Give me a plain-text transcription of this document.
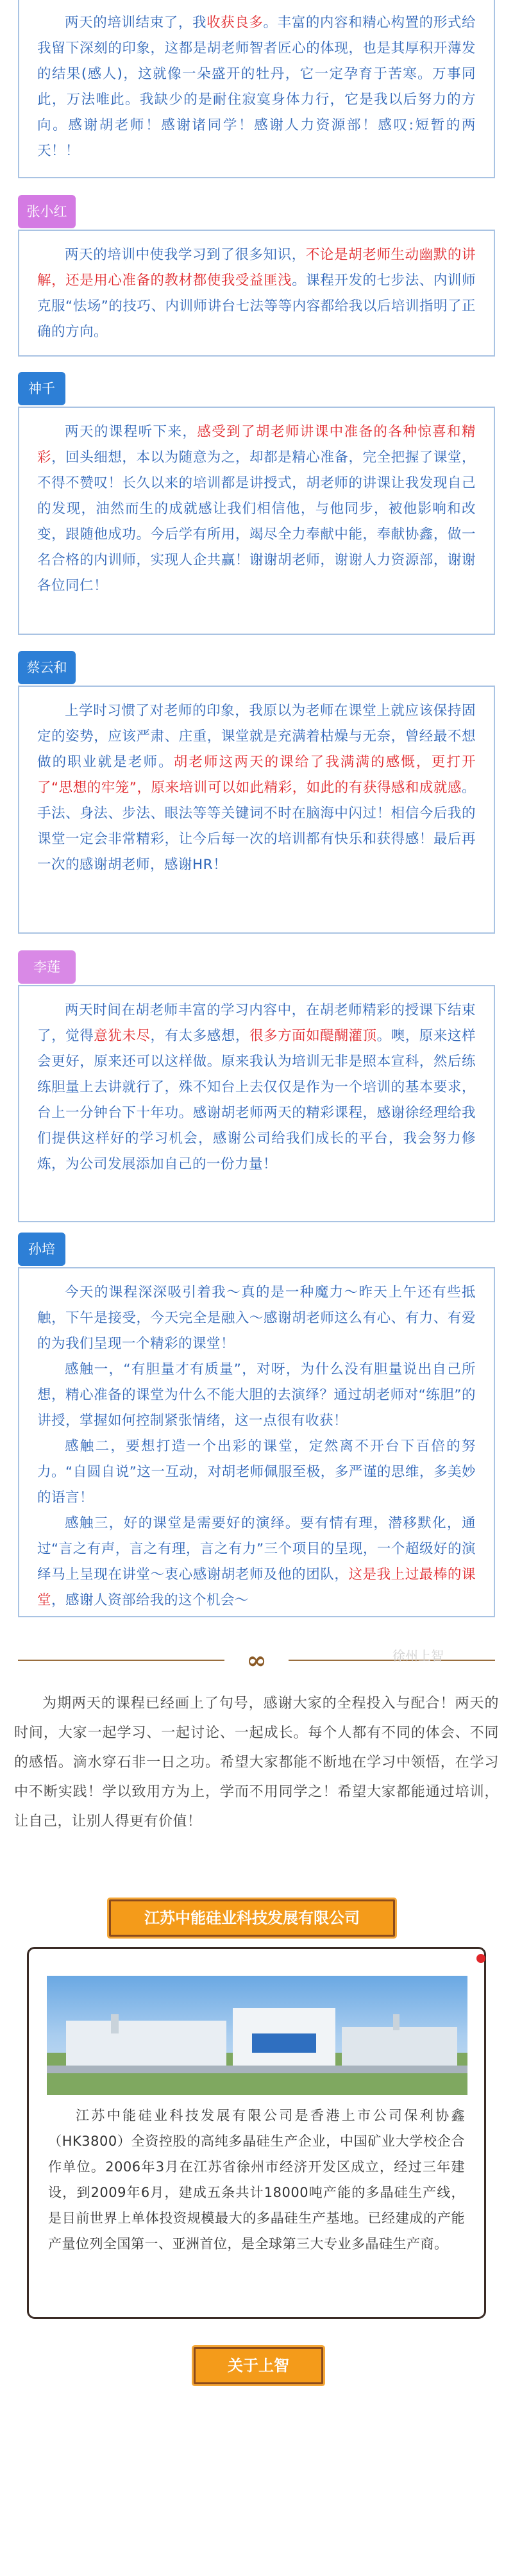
两天的培训结束了，我收获良多。丰富的内容和精心构置的形式给我留下深刻的印象，这都是胡老师智者匠心的体现，也是其厚积开薄发的结果(感人)，这就像一朵盛开的牡丹，它一定孕育于苦寒。万事同此，万法唯此。我缺少的是耐住寂寞身体力行，它是我以后努力的方向。感谢胡老师！感谢诸同学！感谢人力资源部！感叹:短暂的两天！！
张小红
两天的培训中使我学习到了很多知识，不论是胡老师生动幽默的讲解，还是用心准备的教材都使我受益匪浅。课程开发的七步法、内训师克服“怯场”的技巧、内训师讲台七法等等内容都给我以后培训指明了正确的方向。
神千
两天的课程听下来，感受到了胡老师讲课中准备的各种惊喜和精彩，回头细想，本以为随意为之，却都是精心准备，完全把握了课堂，不得不赞叹！长久以来的培训都是讲授式，胡老师的讲课让我发现自己的发现，油然而生的成就感让我们相信他，与他同步，被他影响和改变，跟随他成功。今后学有所用，竭尽全力奉献中能，奉献协鑫，做一名合格的内训师，实现人企共赢！谢谢胡老师，谢谢人力资源部，谢谢各位同仁！
蔡云和
上学时习惯了对老师的印象，我原以为老师在课堂上就应该保持固定的姿势，应该严肃、庄重，课堂就是充满着枯燥与无奈，曾经最不想做的职业就是老师。胡老师这两天的课给了我满满的感慨，更打开了“思想的牢笼”，原来培训可以如此精彩，如此的有获得感和成就感。手法、身法、步法、眼法等等关键词不时在脑海中闪过！相信今后我的课堂一定会非常精彩，让今后每一次的培训都有快乐和获得感！最后再一次的感谢胡老师，感谢HR！
李莲
两天时间在胡老师丰富的学习内容中，在胡老师精彩的授课下结束了，觉得意犹未尽，有太多感想，很多方面如醍醐灌顶。噢，原来这样会更好，原来还可以这样做。原来我认为培训无非是照本宣科，然后练练胆量上去讲就行了，殊不知台上去仅仅是作为一个培训的基本要求，台上一分钟台下十年功。感谢胡老师两天的精彩课程，感谢徐经理给我们提供这样好的学习机会，感谢公司给我们成长的平台，我会努力修炼，为公司发展添加自己的一份力量！
孙培
今天的课程深深吸引着我～真的是一种魔力～昨天上午还有些抵触，下午是接受，今天完全是融入～感谢胡老师这么有心、有力、有爱的为我们呈现一个精彩的课堂！
感触一，“有胆量才有质量”，对呀，为什么没有胆量说出自己所想，精心准备的课堂为什么不能大胆的去演绎？通过胡老师对“练胆”的讲授，掌握如何控制紧张情绪，这一点很有收获！
感触二，要想打造一个出彩的课堂，定然离不开台下百倍的努力。“自圆自说”这一互动，对胡老师佩服至极，多严谨的思维，多美妙的语言！
感触三，好的课堂是需要好的演绎。要有情有理，潜移默化，通过“言之有声，言之有理，言之有力”三个项目的呈现，一个超级好的演绎马上呈现在讲堂～衷心感谢胡老师及他的团队，这是我上过最棒的课堂，感谢人资部给我的这个机会～
∞	徐州上智
为期两天的课程已经画上了句号，感谢大家的全程投入与配合！两天的时间，大家一起学习、一起讨论、一起成长。每个人都有不同的体会、不同的感悟。滴水穿石非一日之功。希望大家都能不断地在学习中领悟，在学习中不断实践！学以致用方为上，学而不用同学之！希望大家都能通过培训，让自己，让别人得更有价值！
江苏中能硅业科技发展有限公司
江苏中能硅业科技发展有限公司是香港上市公司保利协鑫（HK3800）全资控股的高纯多晶硅生产企业，中国矿业大学校企合作单位。2006年3月在江苏省徐州市经济开发区成立，经过三年建设，到2009年6月，建成五条共计18000吨产能的多晶硅生产线，是目前世界上单体投资规模最大的多晶硅生产基地。已经建成的产能产量位列全国第一、亚洲首位，是全球第三大专业多晶硅生产商。
关于上智
